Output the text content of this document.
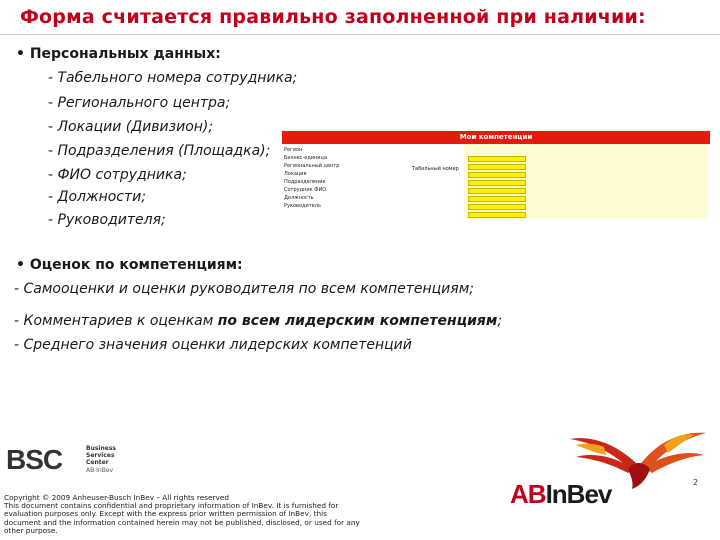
Форма считается правильно заполненной при наличии:
• Персональных данных:
- Табельного номера сотрудника;
- Регионального центра;
- Локации (Дивизион);
- Подразделения (Площадка);
- ФИО сотрудника;
- Должности;
- Руководителя;
Мои компетенции
Регион
Бизнес-единица
Региональный центр
Локация
Подразделение
Сотрудник ФИО
Должность
Руководитель
Табельный номер
• Оценок по компетенциям:
- Самооценки и оценки руководителя по всем компетенциям;
- Комментариев к оценкам по всем лидерским компетенциям;
- Среднего значения оценки лидерских компетенций
BSC	Business
Services
Center
AB InBev
2
Copyright © 2009 Anheuser-Busch InBev – All rights reserved
This document contains confidential and proprietary information of InBev. It is furnished for evaluation purposes only. Except with the express prior written permission of InBev, this document and the information contained herein may not be published, disclosed, or used for any other purpose.
ABInBev
